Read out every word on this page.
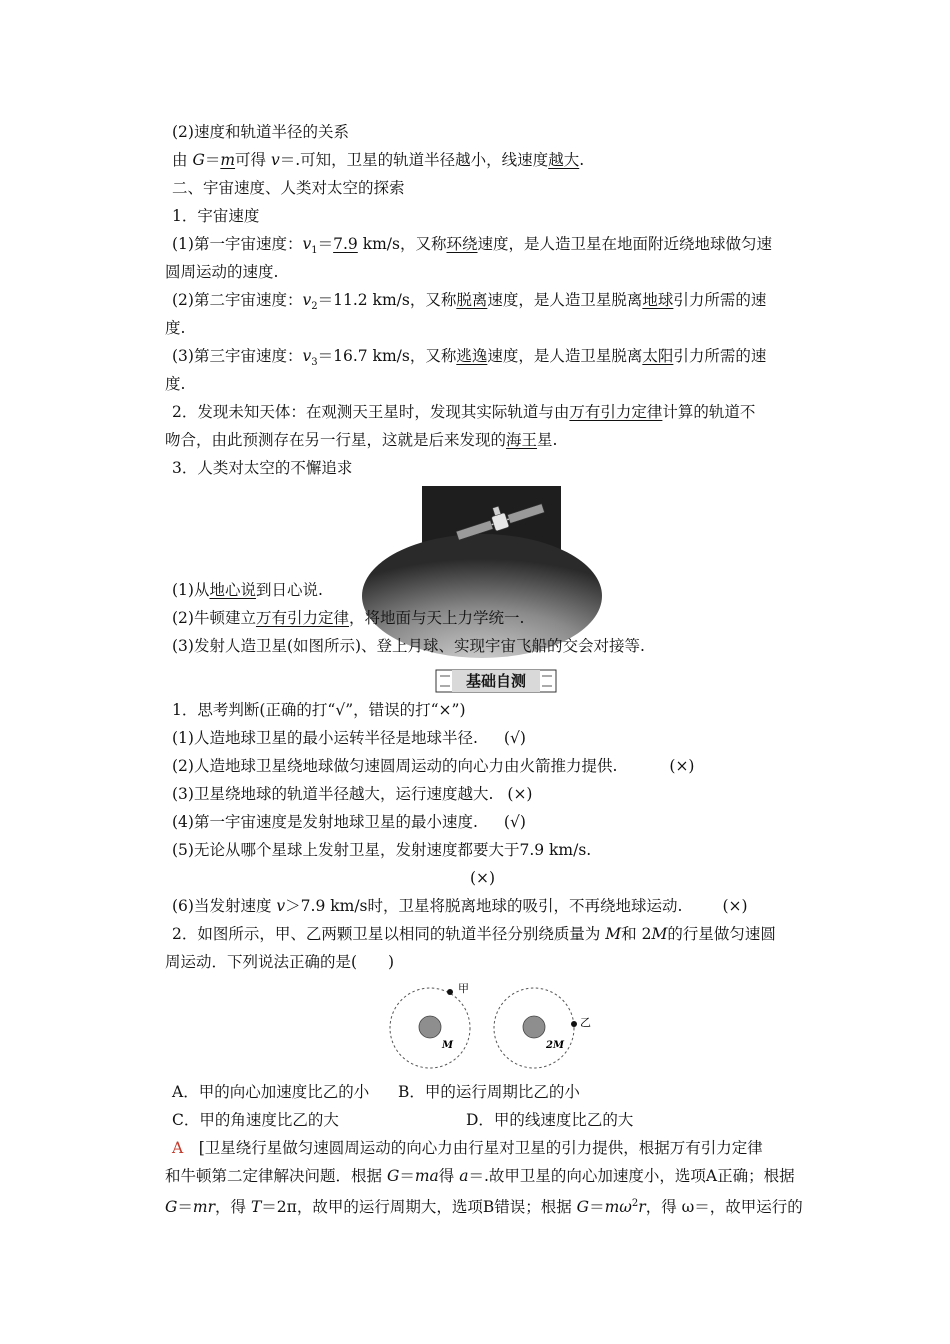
(2)速度和轨道半径的关系
由 G＝m可得 v＝.可知，卫星的轨道半径越小，线速度越大.
二、宇宙速度、人类对太空的探索
1．宇宙速度
(1)第一宇宙速度：$v_1=7.9$ km/s，又称环绕速度，是人造卫星在地面附近绕地球做匀速
圆周运动的速度.
(2)第二宇宙速度：$v_2=11.2$ km/s，又称脱离速度，是人造卫星脱离地球引力所需的速
度.
(3)第三宇宙速度：$v_3=16.7$ km/s，又称逃逸速度，是人造卫星脱离太阳引力所需的速
度.
2．发现未知天体：在观测天王星时，发现其实际轨道与由万有引力定律计算的轨道不
吻合，由此预测存在另一行星，这就是后来发现的海王星.
3．人类对太空的不懈追求
(1)从地心说到日心说.
(2)牛顿建立万有引力定律，将地面与天上力学统一.
(3)发射人造卫星(如图所示)、登上月球、实现宇宙飞船的交会对接等.
基础自测
1．思考判断(正确的打“√”，错误的打“×”)
(1)人造地球卫星的最小运转半径是地球半径. (√)
(2)人造地球卫星绕地球做匀速圆周运动的向心力由火箭推力提供.	(×)
(3)卫星绕地球的轨道半径越大，运行速度越大. (×)
(4)第一宇宙速度是发射地球卫星的最小速度. (√)
(5)无论从哪个星球上发射卫星，发射速度都要大于7.9 km/s.
(×)
(6)当发射速度 v＞7.9 km/s时，卫星将脱离地球的吸引，不再绕地球运动.	(×)
2．如图所示，甲、乙两颗卫星以相同的轨道半径分别绕质量为 M和 2M的行星做匀速圆
周运动．下列说法正确的是(　　)
甲
M
乙
2M
A．甲的向心加速度比乙的小 B．甲的运行周期比乙的小
C．甲的角速度比乙的大	D．甲的线速度比乙的大
A　[卫星绕行星做匀速圆周运动的向心力由行星对卫星的引力提供，根据万有引力定律
和牛顿第二定律解决问题．根据 G＝ma得 a＝.故甲卫星的向心加速度小，选项A正确；根据
G＝mr，得 T＝2π，故甲的运行周期大，选项B错误；根据 $G=m\omega^2r$，得 ω＝，故甲运行的
